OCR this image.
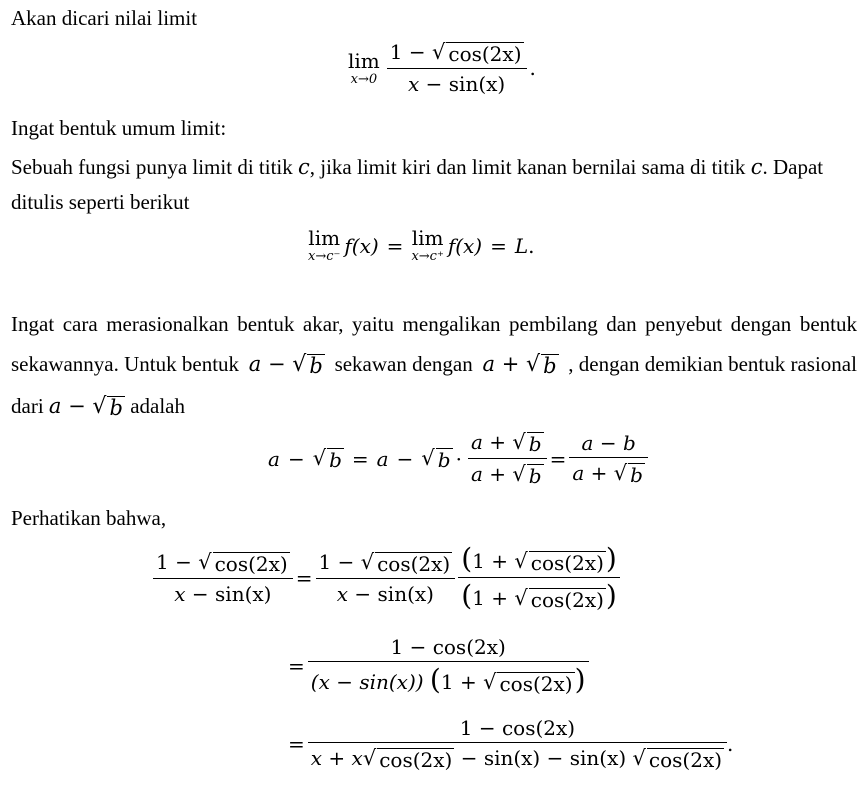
Akan dicari nilai limit
lim
$x\to 0 \frac{1 - √ \cos(2x)}{x - \sin(x)}$ .
Ingat bentuk umum limit:
Sebuah fungsi punya limit di titik c, jika limit kiri dan limit kanan bernilai sama di titik c. Dapat
ditulis seperti berikut
lim
x→c⁻ f(x) = lim
x→c⁺ f(x) = L .
Ingat cara merasionalkan bentuk akar, yaitu mengalikan pembilang dan penyebut dengan bentuk
sekawannya. Untuk bentuk a − √ b sekawan dengan a + √ b , dengan demikian bentuk rasional
dari a − √ b adalah
a − √ b = a − √ $b \cdot \frac{a + √ b}{a + √ b} = \frac{a - b}{a + √ b}$
Perhatikan bahwa,
$\frac{1 - √ \cos(2x)}{x - \sin(x)} = \frac{1 - √ \cos(2x)}{x - \sin(x)} \frac{(1 + √ \cos(2x) )}{(1 + √ \cos(2x) )}$
= $\frac{1 - \cos(2x)}{(x - \sin(x)) (1 + √ \cos(2x) )}$
= $\frac{1 - \cos(2x)}{x + x √ \cos(2x) - \sin(x) - \sin(x) √ \cos(2x)}$ .
